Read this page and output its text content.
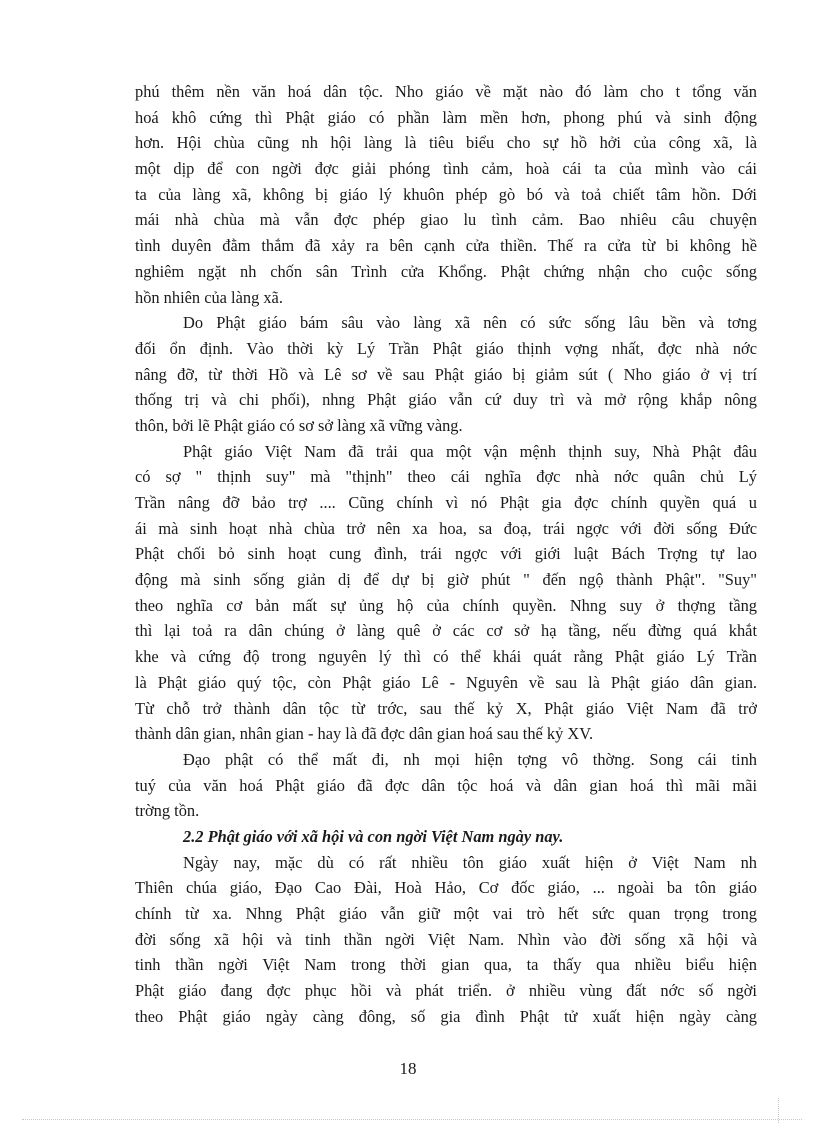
phú thêm nền văn hoá dân tộc. Nho giáo về mặt nào đó làm cho t tổng văn
hoá khô cứng thì Phật giáo có phần làm mền hơn, phong phú và sinh động
hơn. Hội chùa cũng nh hội làng là tiêu biểu cho sự hồ hởi của công xã, là
một dịp để con ngời đợc giải phóng tình cảm, hoà cái ta của mình vào cái
ta của làng xã, không bị giáo lý khuôn phép gò bó và toả chiết tâm hồn. Dới
mái nhà chùa mà vẫn đợc phép giao lu tình cảm. Bao nhiêu câu chuyện
tình duyên đằm thắm đã xảy ra bên cạnh cửa thiền. Thế ra cửa từ bi không hề
nghiêm ngặt nh chốn sân Trình cửa Khổng. Phật chứng nhận cho cuộc sống
hồn nhiên của làng xã.
Do Phật giáo bám sâu vào làng xã nên có sức sống lâu bền và tơng
đối ổn định. Vào thời kỳ Lý Trần Phật giáo thịnh vợng nhất, đợc nhà nớc
nâng đỡ, từ thời Hồ và Lê sơ về sau Phật giáo bị giảm sút ( Nho giáo ở vị trí
thống trị và chi phối), nhng Phật giáo vẫn cứ duy trì và mở rộng khắp nông
thôn, bởi lẽ Phật giáo có sơ sở làng xã vững vàng.
Phật giáo Việt Nam đã trải qua một vận mệnh thịnh suy, Nhà Phật đâu
có sợ " thịnh suy" mà "thịnh" theo cái nghĩa đợc nhà nớc quân chủ Lý
Trần nâng đỡ bảo trợ .... Cũng chính vì nó Phật gia đợc chính quyền quá u
ái mà sinh hoạt nhà chùa trở nên xa hoa, sa đoạ, trái ngợc với đời sống Đức
Phật chối bỏ sinh hoạt cung đình, trái ngợc với giới luật Bách Trợng tự lao
động mà sinh sống giản dị để dự bị giờ phút " đến ngộ thành Phật". "Suy"
theo nghĩa cơ bản mất sự ủng hộ của chính quyền. Nhng suy ở thợng tầng
thì lại toả ra dân chúng ở làng quê ở các cơ sở hạ tầng, nếu đừng quá khắt
khe và cứng độ trong nguyên lý thì có thể khái quát rằng Phật giáo Lý Trần
là Phật giáo quý tộc, còn Phật giáo Lê - Nguyên về sau là Phật giáo dân gian.
Từ chỗ trở thành dân tộc từ trớc, sau thế kỷ X, Phật giáo Việt Nam đã trở
thành dân gian, nhân gian - hay là đã đợc dân gian hoá sau thế kỷ XV.
Đạo phật có thể mất đi, nh mọi hiện tợng vô thờng. Song cái tinh
tuý của văn hoá Phật giáo đã đợc dân tộc hoá và dân gian hoá thì mãi mãi
trờng tồn.
2.2 Phật giáo với xã hội và con ngời Việt Nam ngày nay.
Ngày nay, mặc dù có rất nhiều tôn giáo xuất hiện ở Việt Nam nh
Thiên chúa giáo, Đạo Cao Đài, Hoà Hảo, Cơ đốc giáo, ... ngoài ba tôn giáo
chính từ xa. Nhng Phật giáo vẫn giữ một vai trò hết sức quan trọng trong
đời sống xã hội và tinh thần ngời Việt Nam. Nhìn vào đời sống xã hội và
tinh thần ngời Việt Nam trong thời gian qua, ta thấy qua nhiều biểu hiện
Phật giáo đang đợc phục hồi và phát triển. ở nhiều vùng đất nớc số ngời
theo Phật giáo ngày càng đông, số gia đình Phật tử xuất hiện ngày càng
18
